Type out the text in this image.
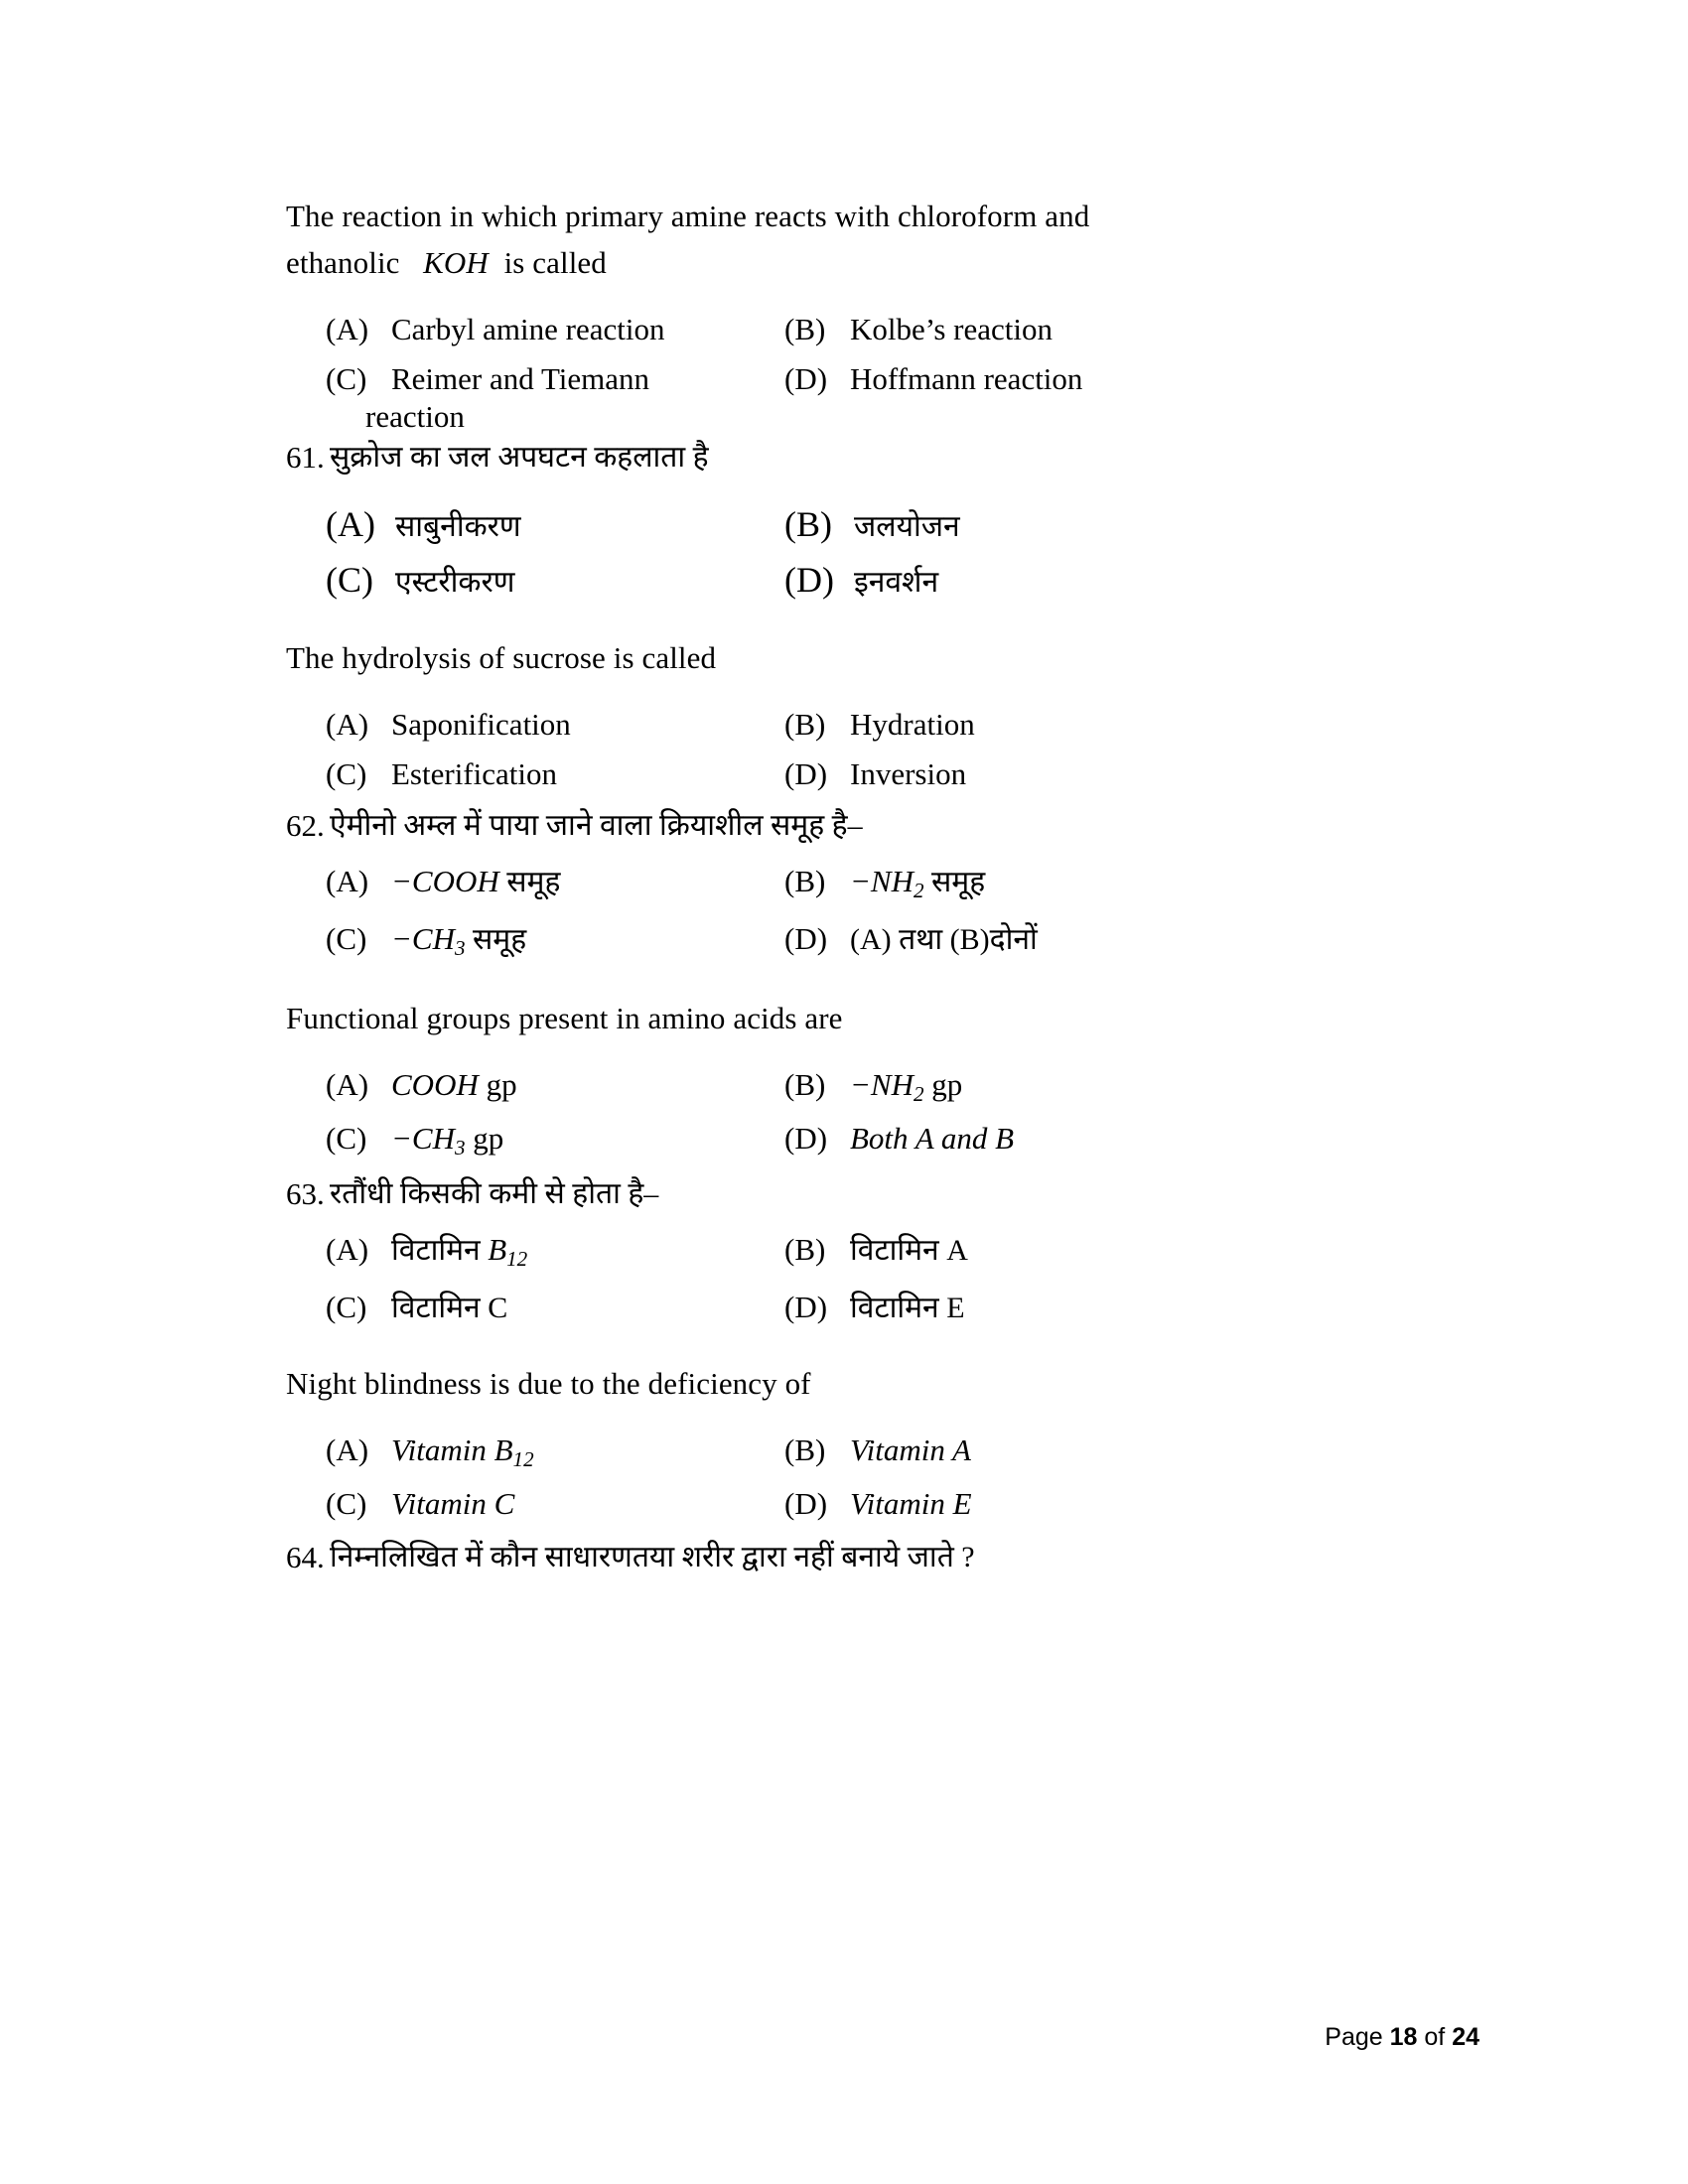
The reaction in which primary amine reacts with chloroform and
ethanolic KOH is called
(A) Carbyl amine reaction	(B) Kolbe’s reaction
(C) Reimer and Tiemann	(D) Hoffmann reaction
reaction
61. सुक्रोज का जल अपघटन कहलाता है
(A) साबुनीकरण	(B) जलयोजन
(C) एस्टरीकरण	(D) इनवर्शन
The hydrolysis of sucrose is called
(A) Saponification	(B) Hydration
(C) Esterification	(D) Inversion
62. ऐमीनो अम्ल में पाया जाने वाला क्रियाशील समूह है–
(A) −COOH समूह	$(B) -NH_2$ समूह
$(C) -CH_3$ समूह	(D) (A) तथा (B)दोनों
Functional groups present in amino acids are
(A) COOH gp	$(B) -NH_2$ gp
$(C) -CH_3$ gp	(D) Both A and B
63. रतौंधी किसकी कमी से होता है–
(A) विटामिन $B_{12}$	(B) विटामिन A
(C) विटामिन C	(D) विटामिन E
Night blindness is due to the deficiency of
(A) Vitamin $B_{12}$	(B) Vitamin A
(C) Vitamin C	(D) Vitamin E
64. निम्नलिखित में कौन साधारणतया शरीर द्वारा नहीं बनाये जाते ?
Page 18 of 24
